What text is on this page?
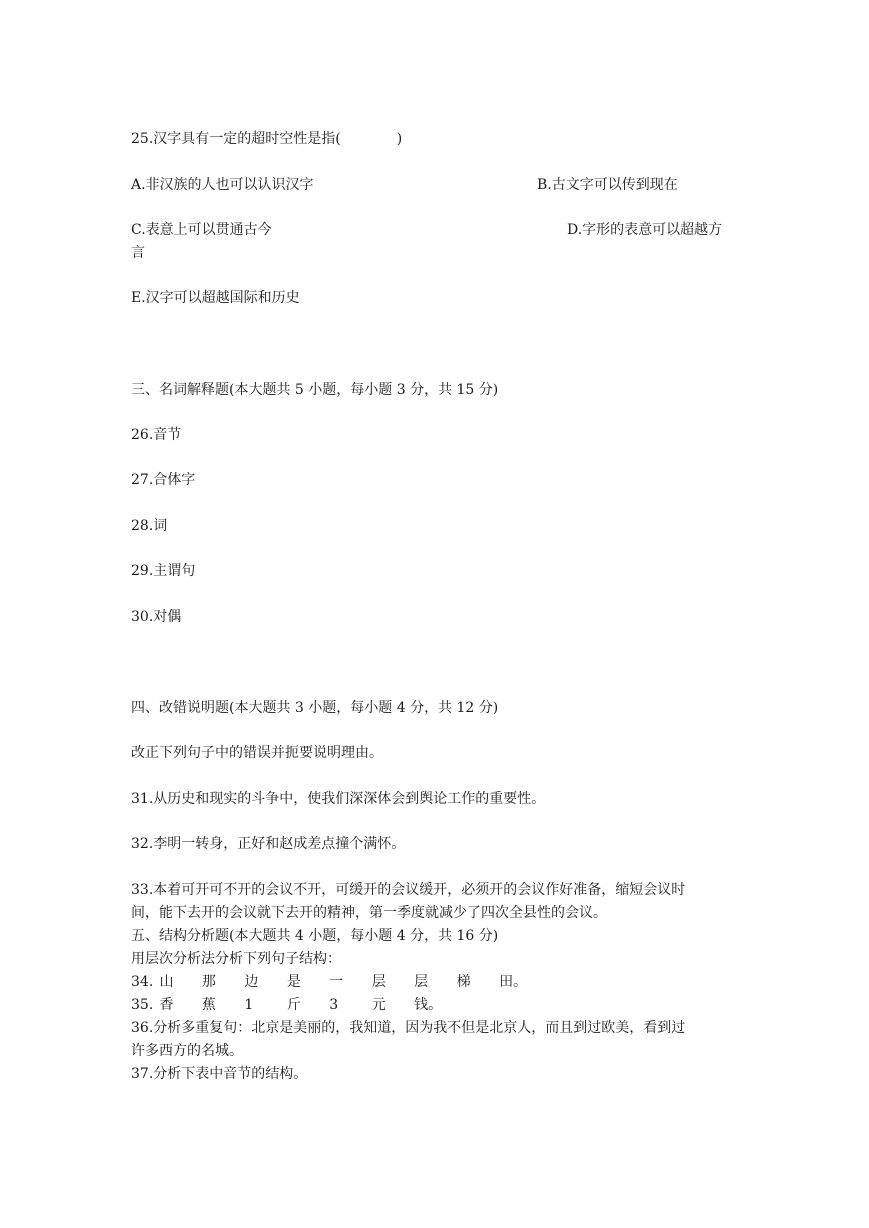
25.汉字具有一定的超时空性是指(　　　　)
A.非汉族的人也可以认识汉字	B.古文字可以传到现在
C.表意上可以贯通古今	D.字形的表意可以超越方
言
E.汉字可以超越国际和历史
三、名词解释题(本大题共 5 小题，每小题 3 分，共 15 分)
26.音节
27.合体字
28.词
29.主谓句
30.对偶
四、改错说明题(本大题共 3 小题，每小题 4 分，共 12 分)
改正下列句子中的错误并扼要说明理由。
31.从历史和现实的斗争中，使我们深深体会到舆论工作的重要性。
32.李明一转身，正好和赵成差点撞个满怀。
33.本着可开可不开的会议不开，可缓开的会议缓开，必须开的会议作好准备，缩短会议时
间，能下去开的会议就下去开的精神，第一季度就减少了四次全县性的会议。
五、结构分析题(本大题共 4 小题，每小题 4 分，共 16 分)
用层次分析法分析下列句子结构：
34. 山 那 边 是 一 层 层 梯 田。
35. 香 蕉 1 斤 3 元 钱。
36.分析多重复句：北京是美丽的，我知道，因为我不但是北京人，而且到过欧美，看到过
许多西方的名城。
37.分析下表中音节的结构。
